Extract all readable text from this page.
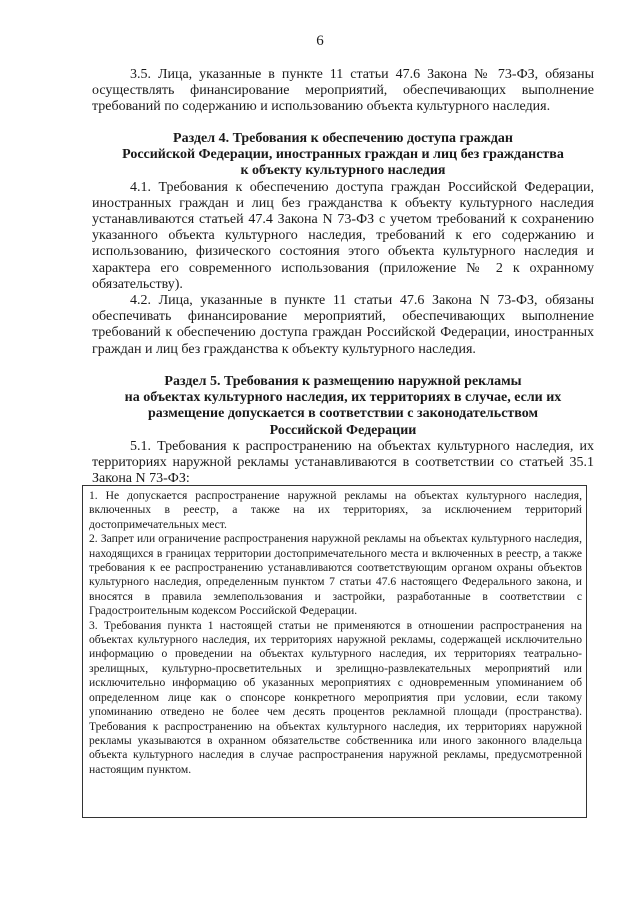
6

3.5. Лица, указанные в пункте 11 статьи 47.6 Закона № 73-ФЗ, обязаны осуществлять финансирование мероприятий, обеспечивающих выполнение требований по содержанию и использованию объекта культурного наследия.

Раздел 4. Требования к обеспечению доступа граждан
Российской Федерации, иностранных граждан и лиц без гражданства
к объекту культурного наследия

4.1. Требования к обеспечению доступа граждан Российской Федерации, иностранных граждан и лиц без гражданства к объекту культурного наследия устанавливаются статьей 47.4 Закона N 73-ФЗ с учетом требований к сохранению указанного объекта культурного наследия, требований к его содержанию и использованию, физического состояния этого объекта культурного наследия и характера его современного использования (приложение № 2 к охранному обязательству).

4.2. Лица, указанные в пункте 11 статьи 47.6 Закона N 73-ФЗ, обязаны обеспечивать финансирование мероприятий, обеспечивающих выполнение требований к обеспечению доступа граждан Российской Федерации, иностранных граждан и лиц без гражданства к объекту культурного наследия.

Раздел 5. Требования к размещению наружной рекламы
на объектах культурного наследия, их территориях в случае, если их
размещение допускается в соответствии с законодательством
Российской Федерации

5.1. Требования к распространению на объектах культурного наследия, их территориях наружной рекламы устанавливаются в соответствии со статьей 35.1 Закона N 73-ФЗ:

1. Не допускается распространение наружной рекламы на объектах культурного наследия, включенных в реестр, а также на их территориях, за исключением территорий достопримечательных мест.

2. Запрет или ограничение распространения наружной рекламы на объектах культурного наследия, находящихся в границах территории достопримечательного места и включенных в реестр, а также требования к ее распространению устанавливаются соответствующим органом охраны объектов культурного наследия, определенным пунктом 7 статьи 47.6 настоящего Федерального закона, и вносятся в правила землепользования и застройки, разработанные в соответствии с Градостроительным кодексом Российской Федерации.

3. Требования пункта 1 настоящей статьи не применяются в отношении распространения на объектах культурного наследия, их территориях наружной рекламы, содержащей исключительно информацию о проведении на объектах культурного наследия, их территориях театрально-зрелищных, культурно-просветительных и зрелищно-развлекательных мероприятий или исключительно информацию об указанных мероприятиях с одновременным упоминанием об определенном лице как о спонсоре конкретного мероприятия при условии, если такому упоминанию отведено не более чем десять процентов рекламной площади (пространства). Требования к распространению на объектах культурного наследия, их территориях наружной рекламы указываются в охранном обязательстве собственника или иного законного владельца объекта культурного наследия в случае распространения наружной рекламы, предусмотренной настоящим пунктом.
